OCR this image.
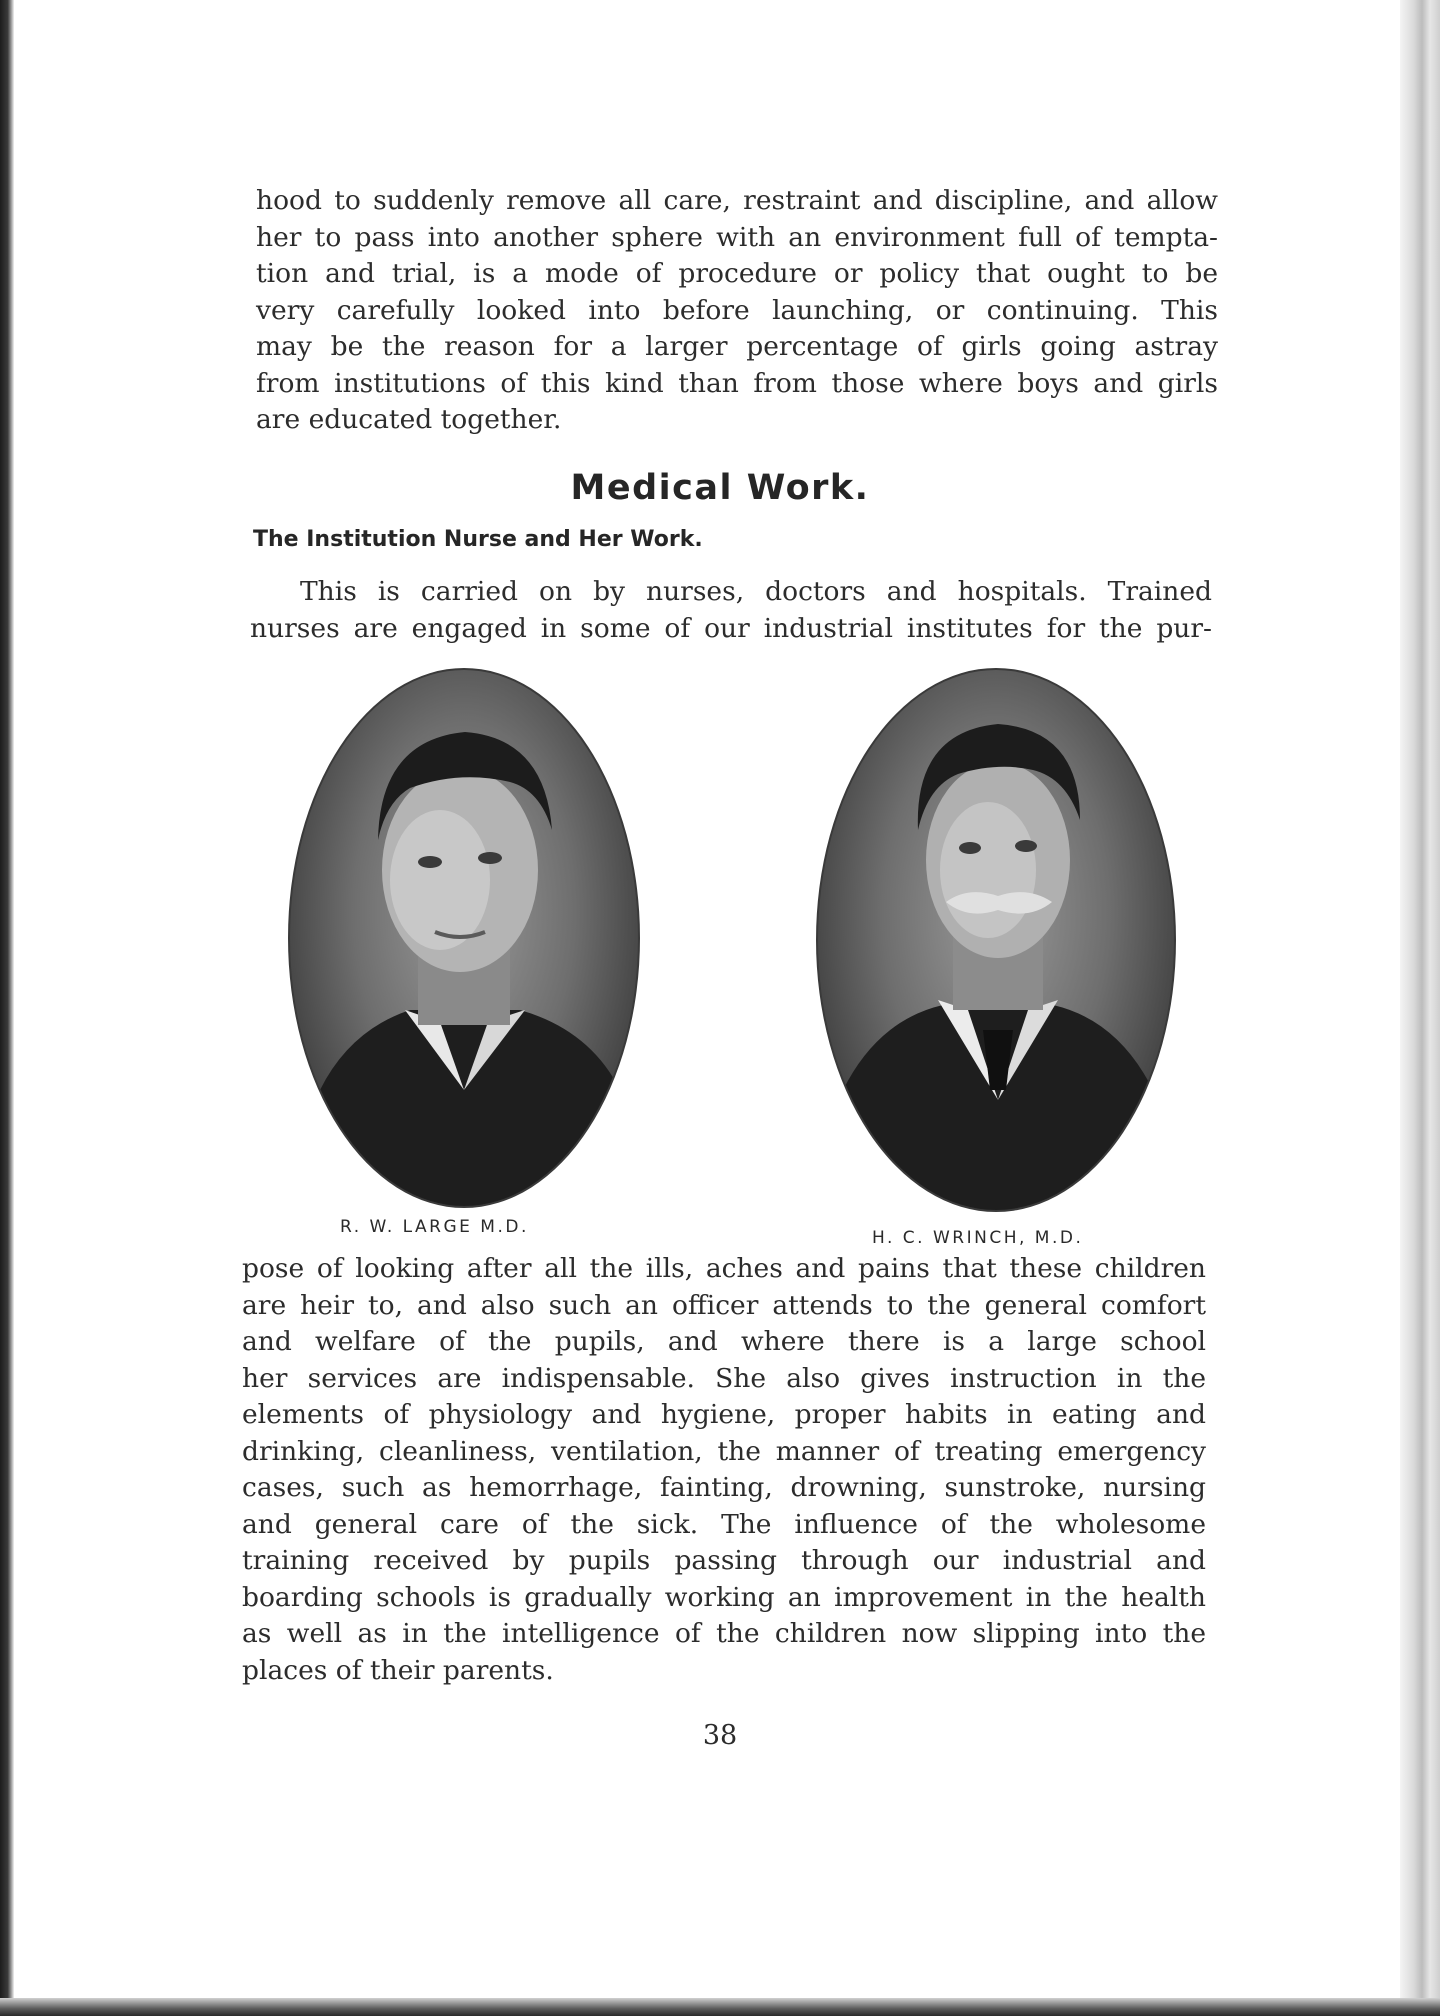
hood to suddenly remove all care, restraint and discipline, and allow
her to pass into another sphere with an environment full of tempta-
tion and trial, is a mode of procedure or policy that ought to be
very carefully looked into before launching, or continuing. This
may be the reason for a larger percentage of girls going astray
from institutions of this kind than from those where boys and girls
are educated together.

Medical Work.
The Institution Nurse and Her Work.

This is carried on by nurses, doctors and hospitals. Trained
nurses are engaged in some of our industrial institutes for the pur-

R. W. LARGE M.D.

H. C. WRINCH, M.D.

pose of looking after all the ills, aches and pains that these children
are heir to, and also such an officer attends to the general comfort
and welfare of the pupils, and where there is a large school
her services are indispensable. She also gives instruction in the
elements of physiology and hygiene, proper habits in eating and
drinking, cleanliness, ventilation, the manner of treating emergency
cases, such as hemorrhage, fainting, drowning, sunstroke, nursing
and general care of the sick. The influence of the wholesome
training received by pupils passing through our industrial and
boarding schools is gradually working an improvement in the health
as well as in the intelligence of the children now slipping into the
places of their parents.

38
